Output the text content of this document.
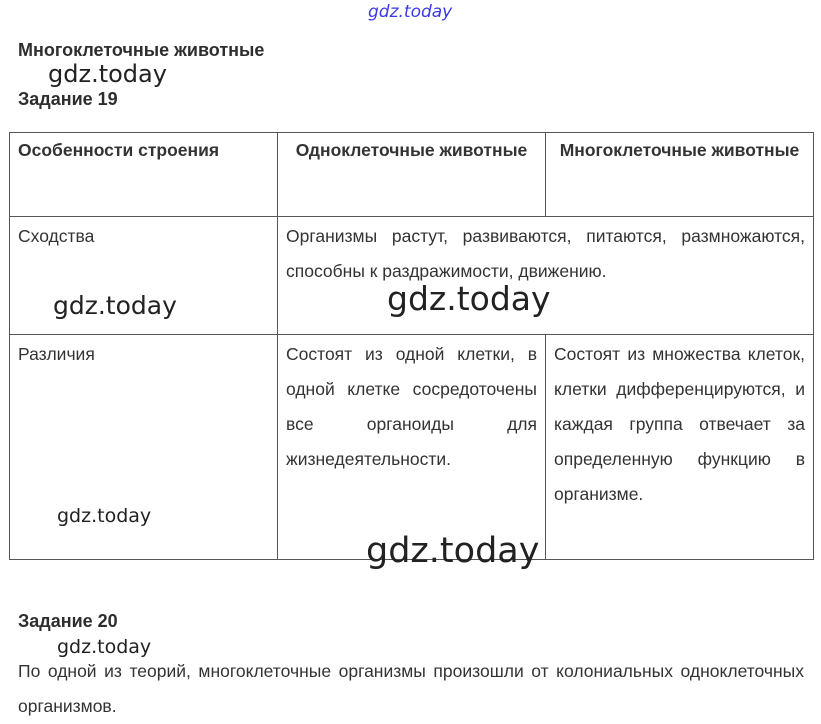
gdz.today
Многоклеточные животные
gdz.today
Задание 19
Особенности строения	Одноклеточные животные	Многоклеточные животные
Сходства	Организмы растут, развиваются, питаются, размножаются, способны к раздражимости, движению.	
Различия	Состоят из одной клетки, в одной клетке сосредоточены все органоиды для жизнедеятельности.	Состоят из множества клеток, клетки дифференцируются, и каждая группа отвечает за определенную функцию в организме.
gdz.today	gdz.today
gdz.today
gdz.today
Задание 20
gdz.today
По одной из теорий, многоклеточные организмы произошли от колониальных одноклеточных организмов.
